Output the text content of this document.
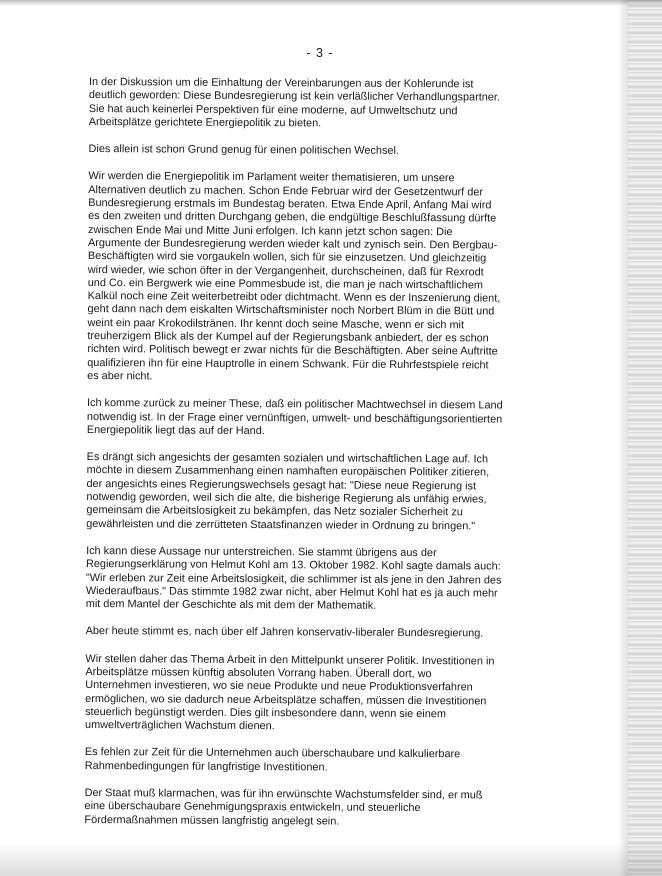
- 3 -

In der Diskussion um die Einhaltung der Vereinbarungen aus der Kohlerunde ist
deutlich geworden: Diese Bundesregierung ist kein verläßlicher Verhandlungspartner.
Sie hat auch keinerlei Perspektiven für eine moderne, auf Umweltschutz und
Arbeitsplätze gerichtete Energiepolitik zu bieten.

Dies allein ist schon Grund genug für einen politischen Wechsel.

Wir werden die Energiepolitik im Parlament weiter thematisieren, um unsere
Alternativen deutlich zu machen. Schon Ende Februar wird der Gesetzentwurf der
Bundesregierung erstmals im Bundestag beraten. Etwa Ende April, Anfang Mai wird
es den zweiten und dritten Durchgang geben, die endgültige Beschlußfassung dürfte
zwischen Ende Mai und Mitte Juni erfolgen. Ich kann jetzt schon sagen: Die
Argumente der Bundesregierung werden wieder kalt und zynisch sein. Den Bergbau-
Beschäftigten wird sie vorgaukeln wollen, sich für sie einzusetzen. Und gleichzeitig
wird wieder, wie schon öfter in der Vergangenheit, durchscheinen, daß für Rexrodt
und Co. ein Bergwerk wie eine Pommesbude ist, die man je nach wirtschaftlichem
Kalkül noch eine Zeit weiterbetreibt oder dichtmacht. Wenn es der Inszenierung dient,
geht dann nach dem eiskalten Wirtschaftsminister noch Norbert Blüm in die Bütt und
weint ein paar Krokodilstränen. Ihr kennt doch seine Masche, wenn er sich mit
treuherzigem Blick als der Kumpel auf der Regierungsbank anbiedert, der es schon
richten wird. Politisch bewegt er zwar nichts für die Beschäftigten. Aber seine Auftritte
qualifizieren ihn für eine Hauptrolle in einem Schwank. Für die Ruhrfestspiele reicht
es aber nicht.

Ich komme zurück zu meiner These, daß ein politischer Machtwechsel in diesem Land
notwendig ist. In der Frage einer vernünftigen, umwelt- und beschäftigungsorientierten
Energiepolitik liegt das auf der Hand.

Es drängt sich angesichts der gesamten sozialen und wirtschaftlichen Lage auf. Ich
möchte in diesem Zusammenhang einen namhaften europäischen Politiker zitieren,
der angesichts eines Regierungswechsels gesagt hat: "Diese neue Regierung ist
notwendig geworden, weil sich die alte, die bisherige Regierung als unfähig erwies,
gemeinsam die Arbeitslosigkeit zu bekämpfen, das Netz sozialer Sicherheit zu
gewährleisten und die zerrütteten Staatsfinanzen wieder in Ordnung zu bringen."

Ich kann diese Aussage nur unterstreichen. Sie stammt übrigens aus der
Regierungserklärung von Helmut Kohl am 13. Oktober 1982. Kohl sagte damals auch:
"Wir erleben zur Zeit eine Arbeitslosigkeit, die schlimmer ist als jene in den Jahren des
Wiederaufbaus." Das stimmte 1982 zwar nicht, aber Helmut Kohl hat es ja auch mehr
mit dem Mantel der Geschichte als mit dem der Mathematik.

Aber heute stimmt es, nach über elf Jahren konservativ-liberaler Bundesregierung.

Wir stellen daher das Thema Arbeit in den Mittelpunkt unserer Politik. Investitionen in
Arbeitsplätze müssen künftig absoluten Vorrang haben. Überall dort, wo
Unternehmen investieren, wo sie neue Produkte und neue Produktionsverfahren
ermöglichen, wo sie dadurch neue Arbeitsplätze schaffen, müssen die Investitionen
steuerlich begünstigt werden. Dies gilt insbesondere dann, wenn sie einem
umweltverträglichen Wachstum dienen.

Es fehlen zur Zeit für die Unternehmen auch überschaubare und kalkulierbare
Rahmenbedingungen für langfristige Investitionen.

Der Staat muß klarmachen, was für ihn erwünschte Wachstumsfelder sind, er muß
eine überschaubare Genehmigungspraxis entwickeln, und steuerliche
Fördermaßnahmen müssen langfristig angelegt sein.
